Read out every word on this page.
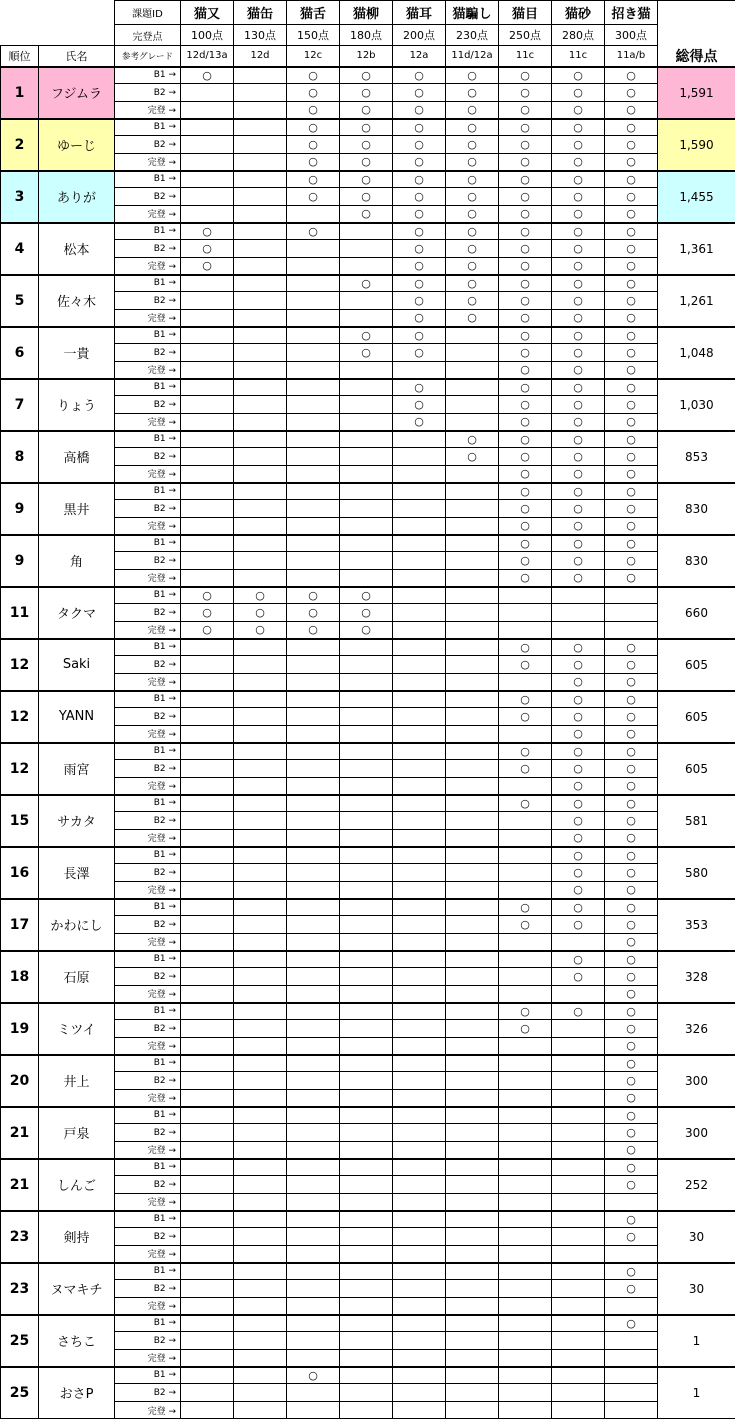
		課題ID	猫又	猫缶	猫舌	猫柳	猫耳	猫騙し	猫目	猫砂	招き猫	
		完登点	100点	130点	150点	180点	200点	230点	250点	280点	300点	
順位	氏名	参考グレード	12d/13a	12d	12c	12b	12a	11d/12a	11c	11c	11a/b	総得点
1	フジムラ	B1 →	○		○	○	○	○	○	○	○	1,591
		B2 →			○	○	○	○	○	○	○	
		完登 →			○	○	○	○	○	○	○	
2	ゆーじ	B1 →			○	○	○	○	○	○	○	1,590
		B2 →			○	○	○	○	○	○	○	
		完登 →			○	○	○	○	○	○	○	
3	ありが	B1 →			○	○	○	○	○	○	○	1,455
		B2 →			○	○	○	○	○	○	○	
		完登 →				○	○	○	○	○	○	
4	松本	B1 →	○		○		○	○	○	○	○	1,361
		B2 →	○				○	○	○	○	○	
		完登 →	○				○	○	○	○	○	
5	佐々木	B1 →				○	○	○	○	○	○	1,261
		B2 →					○	○	○	○	○	
		完登 →					○	○	○	○	○	
6	一貴	B1 →				○	○		○	○	○	1,048
		B2 →				○	○		○	○	○	
		完登 →							○	○	○	
7	りょう	B1 →					○		○	○	○	1,030
		B2 →					○		○	○	○	
		完登 →					○		○	○	○	
8	高橋	B1 →						○	○	○	○	853
		B2 →						○	○	○	○	
		完登 →							○	○	○	
9	黒井	B1 →							○	○	○	830
		B2 →							○	○	○	
		完登 →							○	○	○	
9	角	B1 →							○	○	○	830
		B2 →							○	○	○	
		完登 →							○	○	○	
11	タクマ	B1 →	○	○	○	○						660
		B2 →	○	○	○	○						
		完登 →	○	○	○	○						
12	Saki	B1 →							○	○	○	605
		B2 →							○	○	○	
		完登 →								○	○	
12	YANN	B1 →							○	○	○	605
		B2 →							○	○	○	
		完登 →								○	○	
12	雨宮	B1 →							○	○	○	605
		B2 →							○	○	○	
		完登 →								○	○	
15	サカタ	B1 →							○	○	○	581
		B2 →								○	○	
		完登 →								○	○	
16	長澤	B1 →								○	○	580
		B2 →								○	○	
		完登 →								○	○	
17	かわにし	B1 →							○	○	○	353
		B2 →							○	○	○	
		完登 →									○	
18	石原	B1 →								○	○	328
		B2 →								○	○	
		完登 →									○	
19	ミツイ	B1 →							○	○	○	326
		B2 →							○		○	
		完登 →									○	
20	井上	B1 →									○	300
		B2 →									○	
		完登 →									○	
21	戸泉	B1 →									○	300
		B2 →									○	
		完登 →									○	
21	しんご	B1 →									○	252
		B2 →									○	
		完登 →										
23	剣持	B1 →									○	30
		B2 →									○	
		完登 →										
23	ヌマキチ	B1 →									○	30
		B2 →									○	
		完登 →										
25	さちこ	B1 →									○	1
		B2 →										
		完登 →										
25	おさP	B1 →			○							1
		B2 →										
		完登 →										
